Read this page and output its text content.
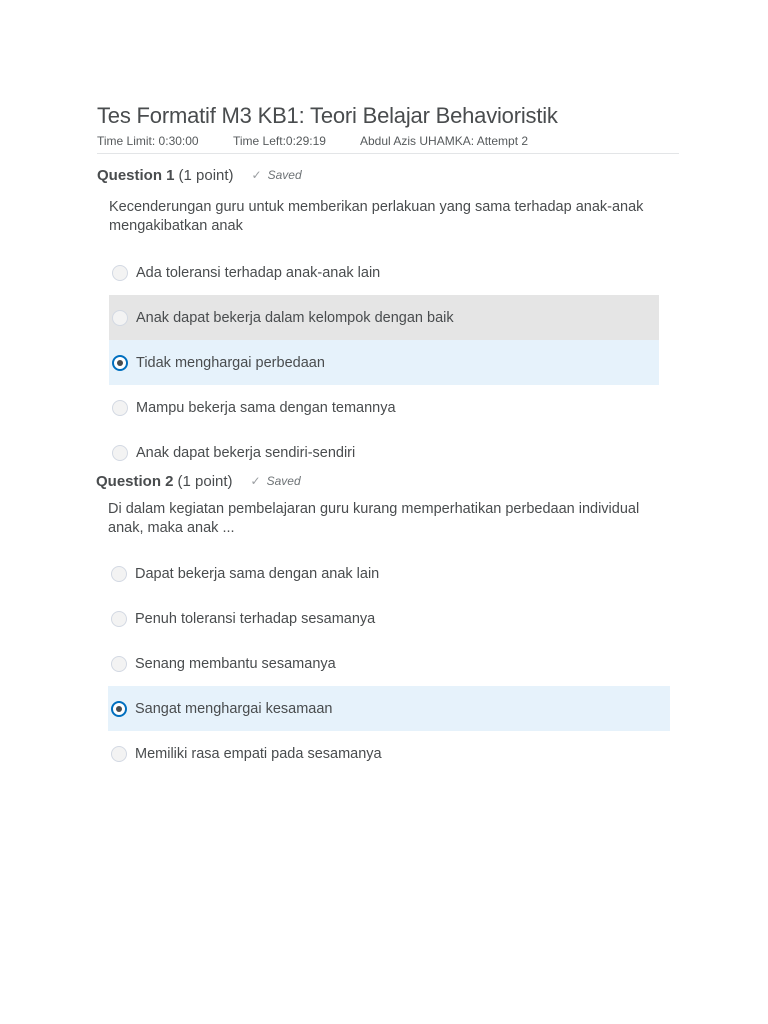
Tes Formatif M3 KB1: Teori Belajar Behavioristik
Time Limit: 0:30:00	Time Left:0:29:19	Abdul Azis UHAMKA: Attempt 2
Question 1 (1 point) ✓ Saved
Kecenderungan guru untuk memberikan perlakuan yang sama terhadap anak-anak mengakibatkan anak
Ada toleransi terhadap anak-anak lain
Anak dapat bekerja dalam kelompok dengan baik
Tidak menghargai perbedaan
Mampu bekerja sama dengan temannya
Anak dapat bekerja sendiri-sendiri
Question 2 (1 point) ✓ Saved
Di dalam kegiatan pembelajaran guru kurang memperhatikan perbedaan individual anak, maka anak ...
Dapat bekerja sama dengan anak lain
Penuh toleransi terhadap sesamanya
Senang membantu sesamanya
Sangat menghargai kesamaan
Memiliki rasa empati pada sesamanya
